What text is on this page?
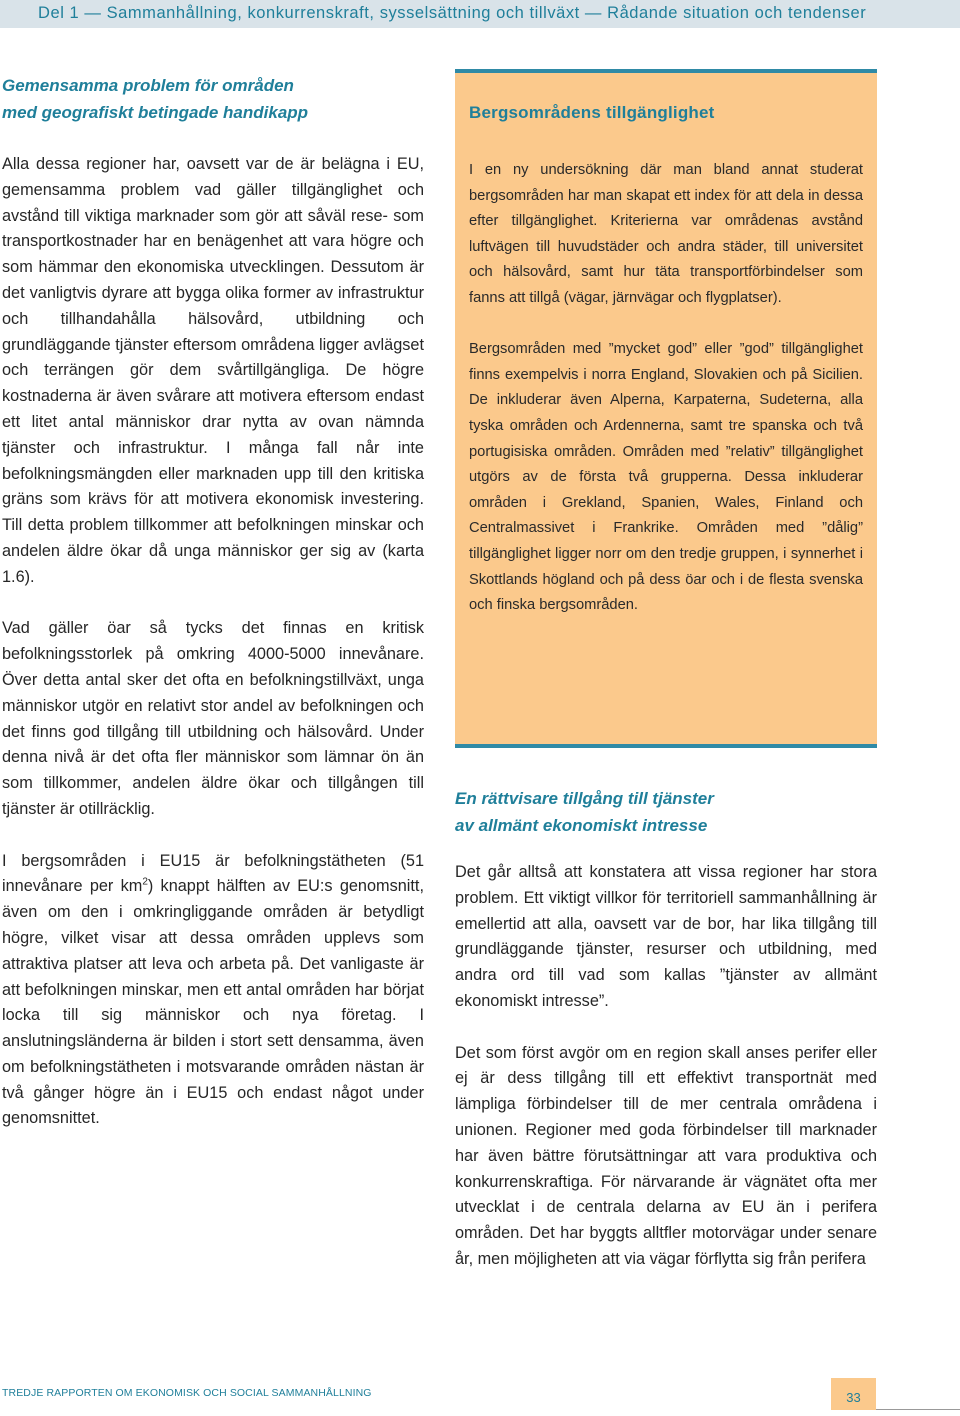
Del 1 — Sammanhållning, konkurrenskraft, sysselsättning och tillväxt — Rådande situation och tendenser
Gemensamma problem för områden
med geografiskt betingade handikapp

Alla dessa regioner har, oavsett var de är belägna i EU, gemensamma problem vad gäller tillgänglighet och avstånd till viktiga marknader som gör att såväl rese- som transportkostnader har en benägenhet att vara högre och som hämmar den ekonomiska utvecklingen. Dessutom är det vanligtvis dyrare att bygga olika former av infrastruktur och tillhandahålla hälsovård, utbildning och grundläggande tjänster eftersom områdena ligger avlägset och terrängen gör dem svårtillgängliga. De högre kostnaderna är även svårare att motivera eftersom endast ett litet antal människor drar nytta av ovan nämnda tjänster och infrastruktur. I många fall når inte befolkningsmängden eller marknaden upp till den kritiska gräns som krävs för att motivera ekonomisk investering. Till detta problem tillkommer att befolkningen minskar och andelen äldre ökar då unga människor ger sig av (karta 1.6).

Vad gäller öar så tycks det finnas en kritisk befolkningsstorlek på omkring 4000-5000 innevånare. Över detta antal sker det ofta en befolkningstillväxt, unga människor utgör en relativt stor andel av befolkningen och det finns god tillgång till utbildning och hälsovård. Under denna nivå är det ofta fler människor som lämnar ön än som tillkommer, andelen äldre ökar och tillgången till tjänster är otillräcklig.

I bergsområden i EU15 är befolkningstätheten (51 innevånare per $km^2$) knappt hälften av EU:s genomsnitt, även om den i omkringliggande områden är betydligt högre, vilket visar att dessa områden upplevs som attraktiva platser att leva och arbeta på. Det vanligaste är att befolkningen minskar, men ett antal områden har börjat locka till sig människor och nya företag. I anslutningsländerna är bilden i stort sett densamma, även om befolkningstätheten i motsvarande områden nästan är två gånger högre än i EU15 och endast något under genomsnittet.

Bergsområdens tillgänglighet

I en ny undersökning där man bland annat studerat bergsområden har man skapat ett index för att dela in dessa efter tillgänglighet. Kriterierna var områdenas avstånd luftvägen till huvudstäder och andra städer, till universitet och hälsovård, samt hur täta transportförbindelser som fanns att tillgå (vägar, järnvägar och flygplatser).

Bergsområden med ”mycket god” eller ”god” tillgänglighet finns exempelvis i norra England, Slovakien och på Sicilien. De inkluderar även Alperna, Karpaterna, Sudeterna, alla tyska områden och Ardennerna, samt tre spanska och två portugisiska områden. Områden med ”relativ” tillgänglighet utgörs av de första två grupperna. Dessa inkluderar områden i Grekland, Spanien, Wales, Finland och Centralmassivet i Frankrike. Områden med ”dålig” tillgänglighet ligger norr om den tredje gruppen, i synnerhet i Skottlands högland och på dess öar och i de flesta svenska och finska bergsområden.

En rättvisare tillgång till tjänster
av allmänt ekonomiskt intresse

Det går alltså att konstatera att vissa regioner har stora problem. Ett viktigt villkor för territoriell sammanhållning är emellertid att alla, oavsett var de bor, har lika tillgång till grundläggande tjänster, resurser och utbildning, med andra ord till vad som kallas ”tjänster av allmänt ekonomiskt intresse”.

Det som först avgör om en region skall anses perifer eller ej är dess tillgång till ett effektivt transportnät med lämpliga förbindelser till de mer centrala områdena i unionen. Regioner med goda förbindelser till marknader har även bättre förutsättningar att vara produktiva och konkurrenskraftiga. För närvarande är vägnätet ofta mer utvecklat i de centrala delarna av EU än i perifera områden. Det har byggts alltfler motorvägar under senare år, men möjligheten att via vägar förflytta sig från perifera

TREDJE RAPPORTEN OM EKONOMISK OCH SOCIAL SAMMANHÅLLNING	33
